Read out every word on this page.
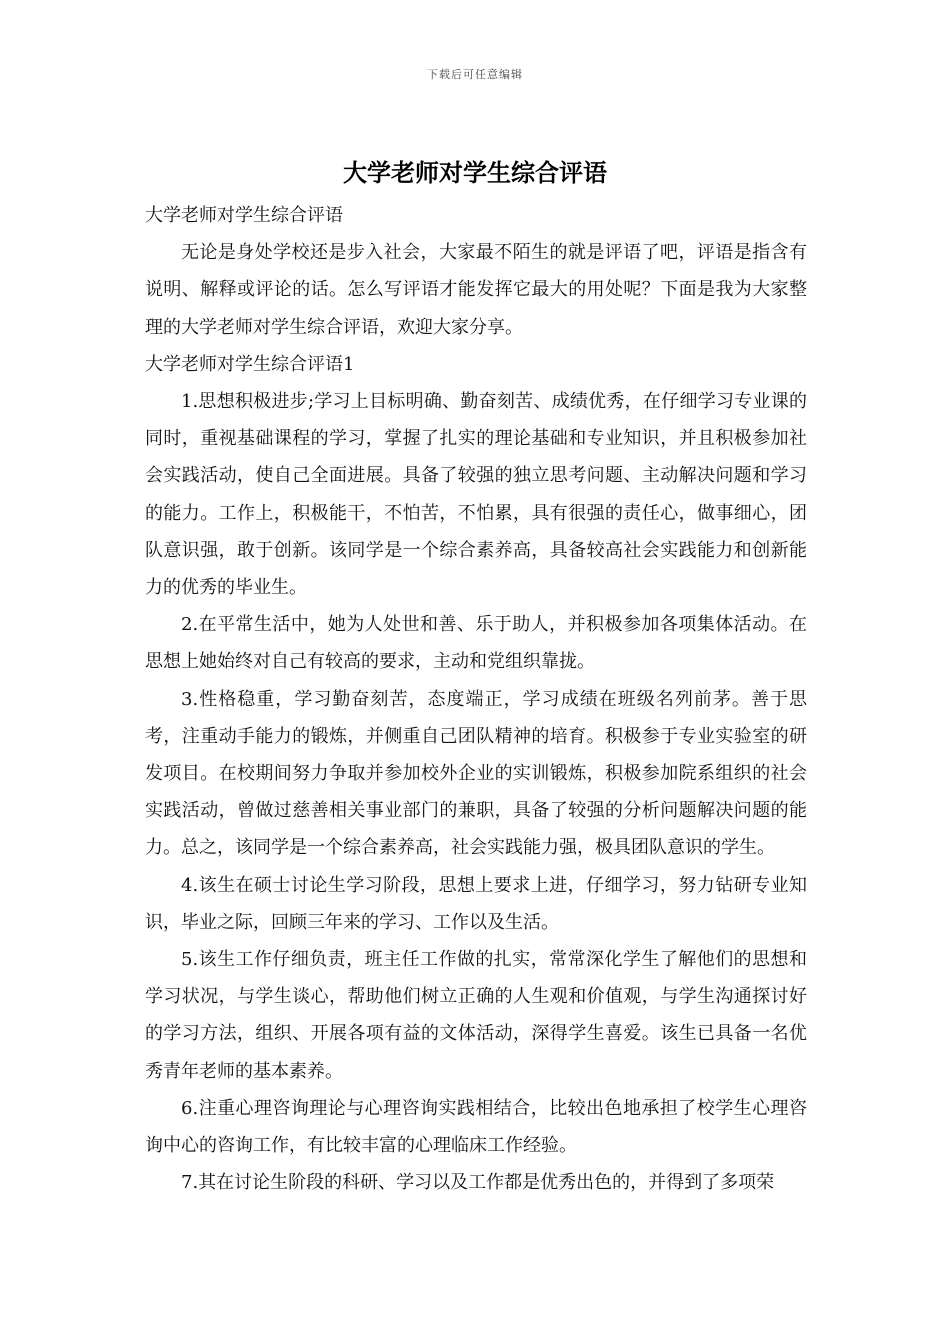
下载后可任意编辑
大学老师对学生综合评语

大学老师对学生综合评语

无论是身处学校还是步入社会，大家最不陌生的就是评语了吧，评语是指含有说明、解释或评论的话。怎么写评语才能发挥它最大的用处呢？下面是我为大家整理的大学老师对学生综合评语，欢迎大家分享。

大学老师对学生综合评语1

1.思想积极进步;学习上目标明确、勤奋刻苦、成绩优秀，在仔细学习专业课的同时，重视基础课程的学习，掌握了扎实的理论基础和专业知识，并且积极参加社会实践活动，使自己全面进展。具备了较强的独立思考问题、主动解决问题和学习的能力。工作上，积极能干，不怕苦，不怕累，具有很强的责任心，做事细心，团队意识强，敢于创新。该同学是一个综合素养高，具备较高社会实践能力和创新能力的优秀的毕业生。

2.在平常生活中，她为人处世和善、乐于助人，并积极参加各项集体活动。在思想上她始终对自己有较高的要求，主动和党组织靠拢。

3.性格稳重，学习勤奋刻苦，态度端正，学习成绩在班级名列前茅。善于思考，注重动手能力的锻炼，并侧重自己团队精神的培育。积极参于专业实验室的研发项目。在校期间努力争取并参加校外企业的实训锻炼，积极参加院系组织的社会实践活动，曾做过慈善相关事业部门的兼职，具备了较强的分析问题解决问题的能力。总之，该同学是一个综合素养高，社会实践能力强，极具团队意识的学生。

4.该生在硕士讨论生学习阶段，思想上要求上进，仔细学习，努力钻研专业知识，毕业之际，回顾三年来的学习、工作以及生活。

5.该生工作仔细负责，班主任工作做的扎实，常常深化学生了解他们的思想和学习状况，与学生谈心，帮助他们树立正确的人生观和价值观，与学生沟通探讨好的学习方法，组织、开展各项有益的文体活动，深得学生喜爱。该生已具备一名优秀青年老师的基本素养。

6.注重心理咨询理论与心理咨询实践相结合，比较出色地承担了校学生心理咨询中心的咨询工作，有比较丰富的心理临床工作经验。

7.其在讨论生阶段的科研、学习以及工作都是优秀出色的，并得到了多项荣
